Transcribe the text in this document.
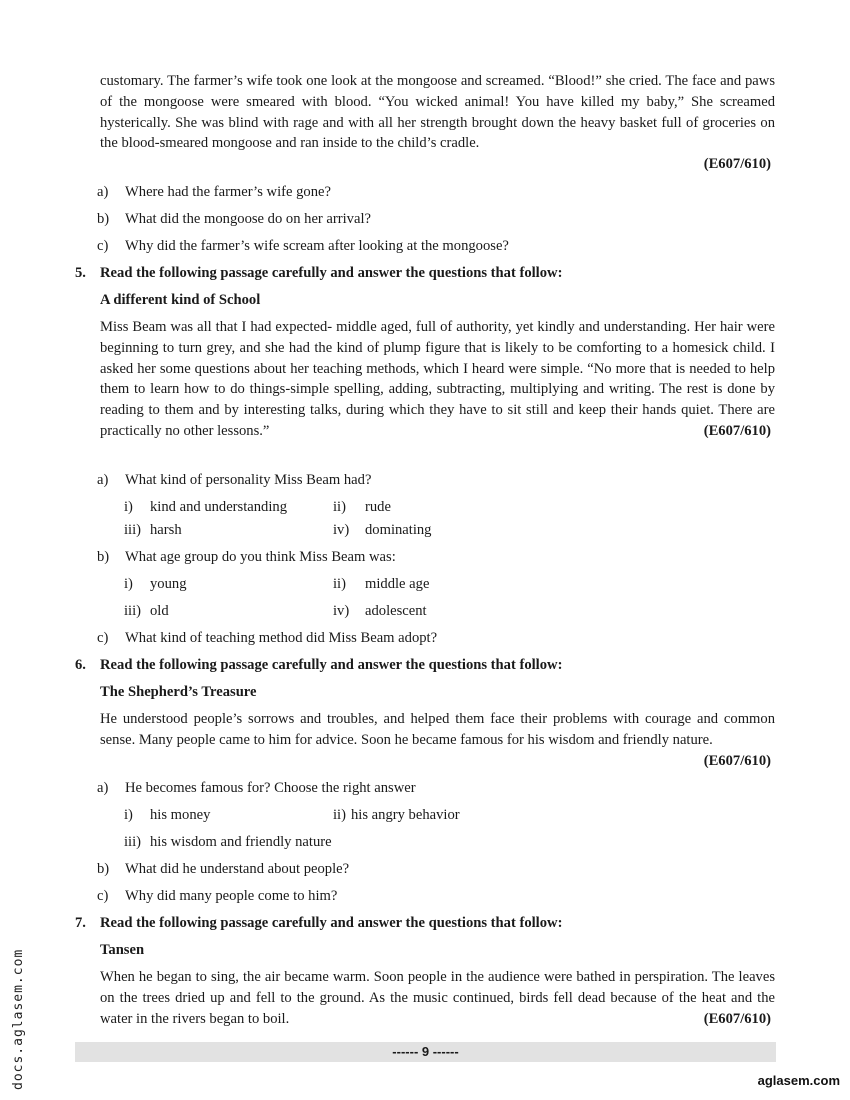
customary. The farmer’s wife took one look at the mongoose and screamed. “Blood!” she cried. The face and paws of the mongoose were smeared with blood. “You wicked animal! You have killed my baby,” She screamed hysterically. She was blind with rage and with all her strength brought down the heavy basket full of groceries on the blood-smeared mongoose and ran inside to the child’s cradle.

(E607/610)

a) Where had the farmer’s wife gone?
b) What did the mongoose do on her arrival?
c) Why did the farmer’s wife scream after looking at the mongoose?
5. Read the following passage carefully and answer the questions that follow:
A different kind of School

Miss Beam was all that I had expected- middle aged, full of authority, yet kindly and understanding. Her hair were beginning to turn grey, and she had the kind of plump figure that is likely to be comforting to a homesick child. I asked her some questions about her teaching methods, which I heard were simple. “No more that is needed to help them to learn how to do things-simple spelling, adding, subtracting, multiplying and writing. The rest is done by reading to them and by interesting talks, during which they have to sit still and keep their hands quiet. There are practically no other lessons.”	(E607/610)

a) What kind of personality Miss Beam had?
i) kind and understanding	ii) rude
iii) harsh	iv) dominating
b) What age group do you think Miss Beam was:
i) young	ii) middle age
iii) old	iv) adolescent
c) What kind of teaching method did Miss Beam adopt?
6. Read the following passage carefully and answer the questions that follow:
The Shepherd’s Treasure

He understood people’s sorrows and troubles, and helped them face their problems with courage and common sense. Many people came to him for advice. Soon he became famous for his wisdom and friendly nature.
(E607/610)

a) He becomes famous for? Choose the right answer
i) his money	ii) his angry behavior
iii) his wisdom and friendly nature
b) What did he understand about people?
c) Why did many people come to him?
7. Read the following passage carefully and answer the questions that follow:
Tansen

When he began to sing, the air became warm. Soon people in the audience were bathed in perspiration. The leaves on the trees dried up and fell to the ground. As the music continued, birds fell dead because of the heat and the water in the rivers began to boil.	(E607/610)

------ 9 ------
docs.aglasem.com	aglasem.com
